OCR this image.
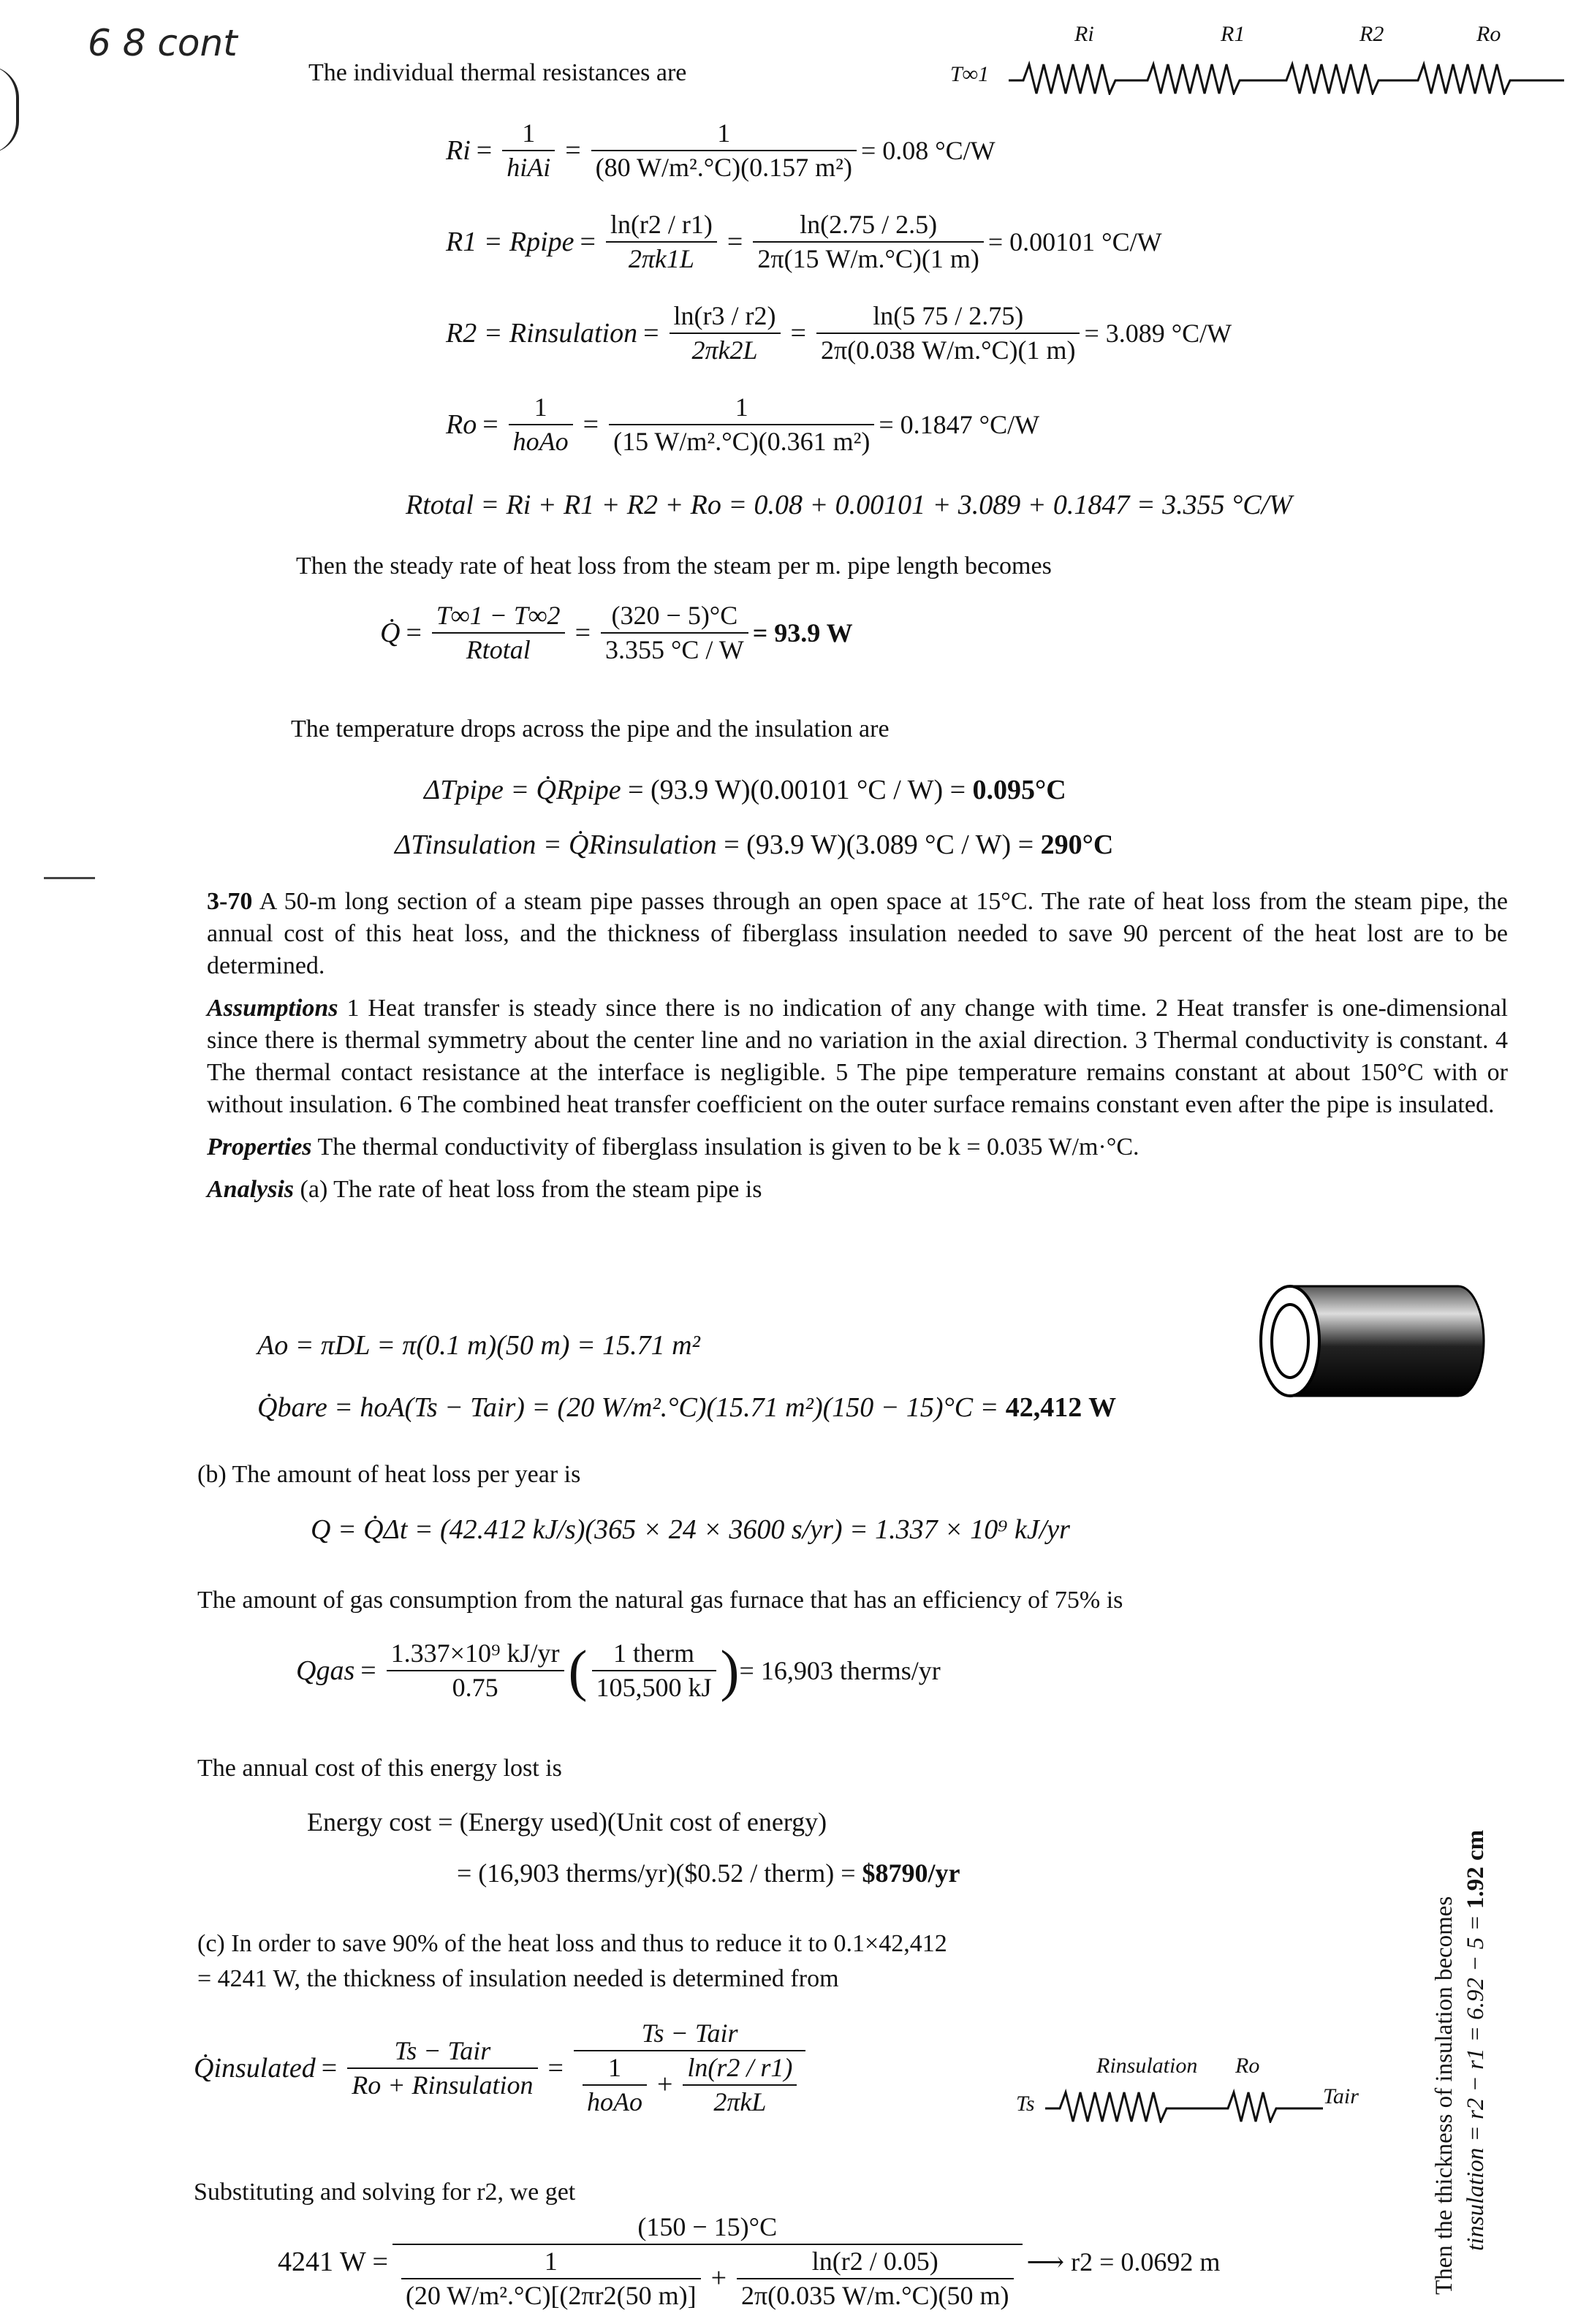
6 8 cont
The individual thermal resistances are
Ri	R1	R2	Ro
T∞1
$Ri = \frac{1}{\text{hiAi}} = \frac{1}{\text{(80 W/m².°C)(0.157 m²)}} = 0.08$ °C/W
R1 = Rpipe = $\frac{\ln(r2 / r1)}{2\pi k1L} = \frac{\ln(2.75 / 2.5)}{2\pi(15 W/m.^\circ C)(1 m)} = 0.00101$ °C/W
R2 = Rinsulation = $\frac{\ln(r3 / r2)}{2\pi k2L} = \frac{\ln(5 75 / 2.75)}{2\pi(0.038 W/m.^\circ C)(1 m)} = 3.089$ °C/W
$Ro = \frac{1}{\text{hoAo}} = \frac{1}{\text{(15 W/m².°C)(0.361 m²)}} = 0.1847$ °C/W
Rtotal = Ri + R1 + R2 + Ro = 0.08 + 0.00101 + 3.089 + 0.1847 = 3.355 °C/W
Then the steady rate of heat loss from the steam per m. pipe length becomes
Q̇ = $\frac{T\infty 1 - T\infty 2}{\text{Rtotal}} = \frac{(320 - 5)^\circ C}{3.355 ^\circ C / W} = 93.9$ W
The temperature drops across the pipe and the insulation are
ΔTpipe = Q̇Rpipe = (93.9 W)(0.00101 °C / W) = 0.095°C
ΔTinsulation = Q̇Rinsulation = (93.9 W)(3.089 °C / W) = 290°C

3-70 A 50-m long section of a steam pipe passes through an open space at 15°C. The rate of heat loss from the steam pipe, the annual cost of this heat loss, and the thickness of fiberglass insulation needed to save 90 percent of the heat lost are to be determined.

Assumptions 1 Heat transfer is steady since there is no indication of any change with time. 2 Heat transfer is one-dimensional since there is thermal symmetry about the center line and no variation in the axial direction. 3 Thermal conductivity is constant. 4 The thermal contact resistance at the interface is negligible. 5 The pipe temperature remains constant at about 150°C with or without insulation. 6 The combined heat transfer coefficient on the outer surface remains constant even after the pipe is insulated.

Properties The thermal conductivity of fiberglass insulation is given to be k = 0.035 W/m·°C.

Analysis (a) The rate of heat loss from the steam pipe is

Ao = πDL = π(0.1 m)(50 m) = 15.71 m²
Q̇bare = hoA(Ts − Tair) = (20 W/m².°C)(15.71 m²)(150 − 15)°C = 42,412 W
(b) The amount of heat loss per year is
Q = Q̇Δt = (42.412 kJ/s)(365 × 24 × 3600 s/yr) = 1.337 × 10⁹ kJ/yr
The amount of gas consumption from the natural gas furnace that has an efficiency of 75% is
Qgas = $\frac{\text{1.337×10⁹ kJ/yr}}{0.75}$ ( $\frac{\text{1 therm}}{105,500 kJ}$ ) = 16,903 therms/yr
The annual cost of this energy lost is
Energy cost = (Energy used)(Unit cost of energy)
= (16,903 therms/yr)($0.52 / therm) = $8790/yr
(c) In order to save 90% of the heat loss and thus to reduce it to 0.1×42,412
= 4241 W, the thickness of insulation needed is determined from
Q̇insulated = $\frac{\text{Ts − Tair}}{\text{Ro + Rinsulation}} = \frac{\text{Ts − Tair}}{\frac{1}{\text{hoAo}} + \frac{\ln(r2 / r1)}{\text{2πkL}}}$	Rinsulation Ro
Ts	Tair
Substituting and solving for r2, we get
4241 W =
(150 − 15)°C
$\frac{1}{\text{(20 W/m².°C)[(2πr2(50 m)]}} + \frac{\ln(r2 / 0.05)}{2\pi(0.035 W/m.^\circ C)(50 m)}$ ⟶ r2 = 0.0692 m	Then the thickness of insulation becomes tinsulation = r2 − r1 = 6.92 − 5 = 1.92 cm
